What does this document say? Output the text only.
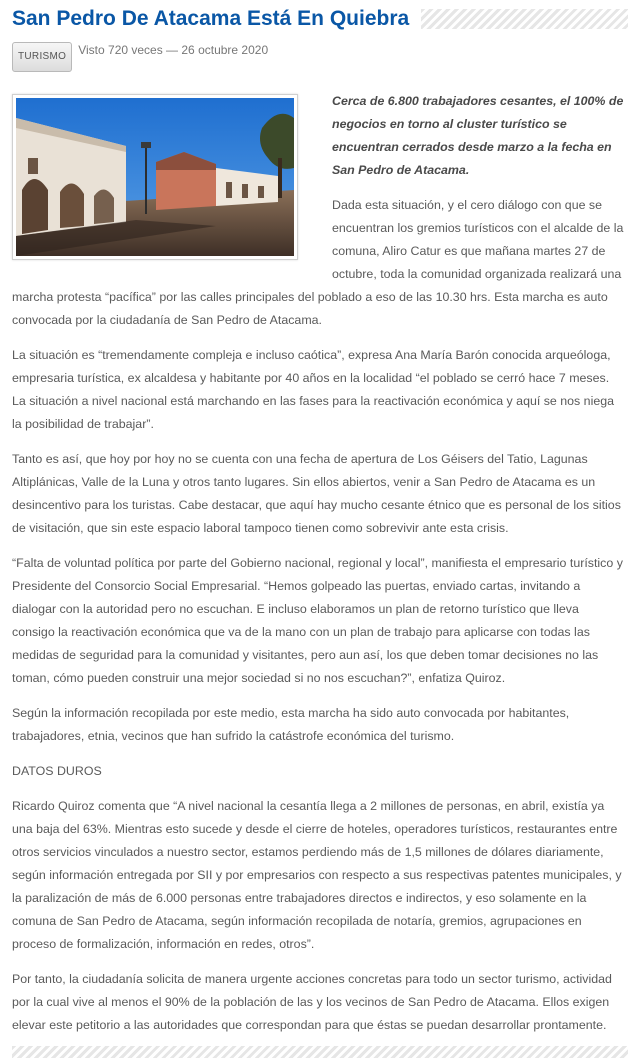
San Pedro De Atacama Está En Quiebra
TURISMO	Visto 720 veces — 26 octubre 2020

Cerca de 6.800 trabajadores cesantes, el 100% de negocios en torno al cluster turístico se encuentran cerrados desde marzo a la fecha en San Pedro de Atacama.

Dada esta situación, y el cero diálogo con que se encuentran los gremios turísticos con el alcalde de la comuna, Aliro Catur es que mañana martes 27 de octubre, toda la comunidad organizada realizará una marcha protesta “pacífica” por las calles principales del poblado a eso de las 10.30 hrs. Esta marcha es auto convocada por la ciudadanía de San Pedro de Atacama.

La situación es “tremendamente compleja e incluso caótica”, expresa Ana María Barón conocida arqueóloga, empresaria turística, ex alcaldesa y habitante por 40 años en la localidad “el poblado se cerró hace 7 meses. La situación a nivel nacional está marchando en las fases para la reactivación económica y aquí se nos niega la posibilidad de trabajar”.

Tanto es así, que hoy por hoy no se cuenta con una fecha de apertura de Los Géisers del Tatio, Lagunas Altiplánicas, Valle de la Luna y otros tanto lugares. Sin ellos abiertos, venir a San Pedro de Atacama es un desincentivo para los turistas. Cabe destacar, que aquí hay mucho cesante étnico que es personal de los sitios de visitación, que sin este espacio laboral tampoco tienen como sobrevivir ante esta crisis.

“Falta de voluntad política por parte del Gobierno nacional, regional y local”, manifiesta el empresario turístico y Presidente del Consorcio Social Empresarial. “Hemos golpeado las puertas, enviado cartas, invitando a dialogar con la autoridad pero no escuchan. E incluso elaboramos un plan de retorno turístico que lleva consigo la reactivación económica que va de la mano con un plan de trabajo para aplicarse con todas las medidas de seguridad para la comunidad y visitantes, pero aun así, los que deben tomar decisiones no las toman, cómo pueden construir una mejor sociedad si no nos escuchan?”, enfatiza Quiroz.

Según la información recopilada por este medio, esta marcha ha sido auto convocada por habitantes, trabajadores, etnia, vecinos que han sufrido la catástrofe económica del turismo.

DATOS DUROS

Ricardo Quiroz comenta que “A nivel nacional la cesantía llega a 2 millones de personas, en abril, existía ya una baja del 63%. Mientras esto sucede y desde el cierre de hoteles, operadores turísticos, restaurantes entre otros servicios vinculados a nuestro sector, estamos perdiendo más de 1,5 millones de dólares diariamente, según información entregada por SII y por empresarios con respecto a sus respectivas patentes municipales, y la paralización de más de 6.000 personas entre trabajadores directos e indirectos, y eso solamente en la comuna de San Pedro de Atacama, según información recopilada de notaría, gremios, agrupaciones en proceso de formalización, información en redes, otros”.

Por tanto, la ciudadanía solicita de manera urgente acciones concretas para todo un sector turismo, actividad por la cual vive al menos el 90% de la población de las y los vecinos de San Pedro de Atacama. Ellos exigen elevar este petitorio a las autoridades que correspondan para que éstas se puedan desarrollar prontamente.
